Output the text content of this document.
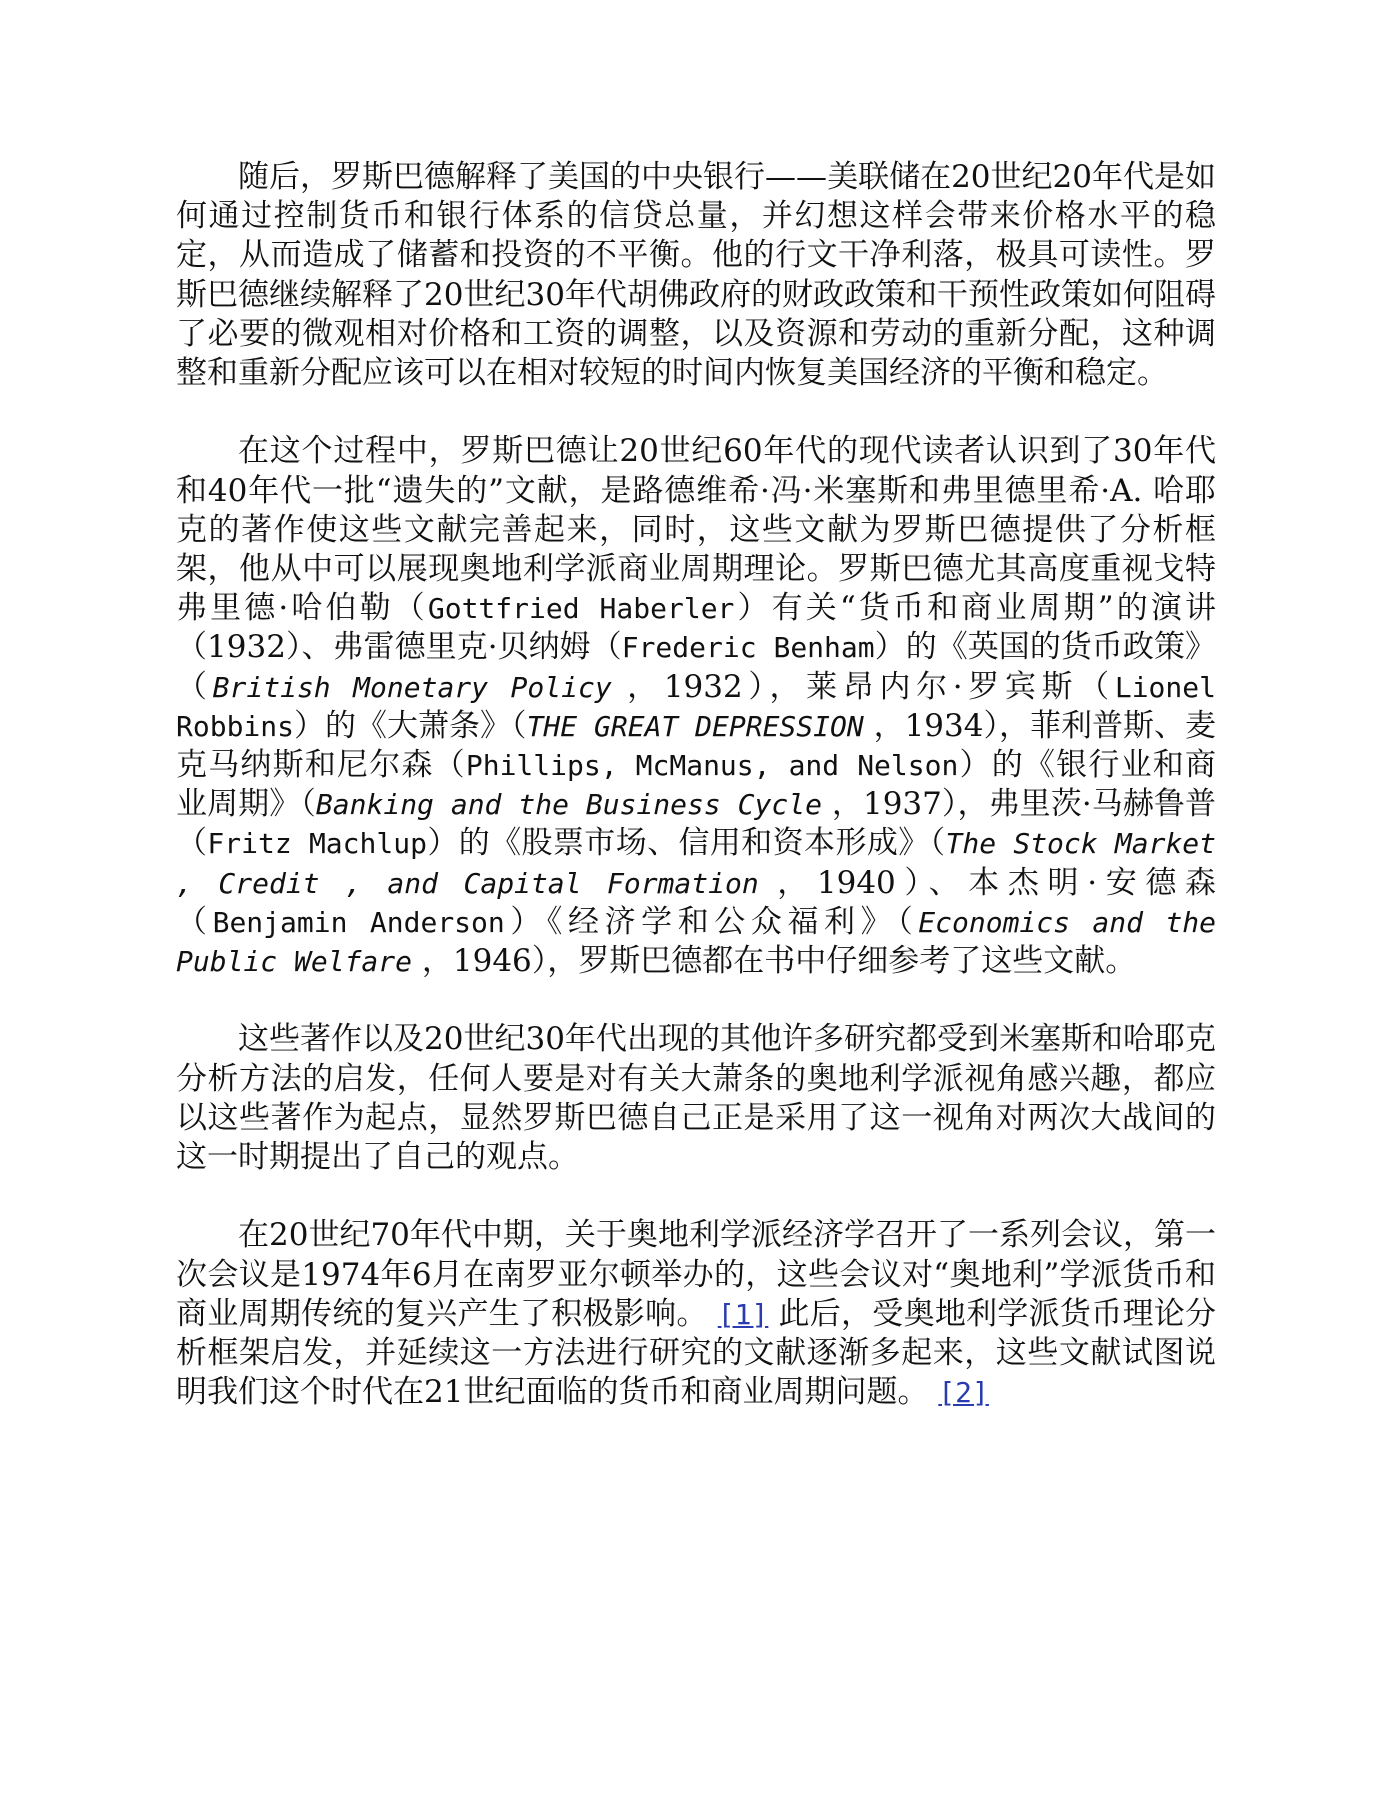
随后，罗斯巴德解释了美国的中央银行——美联储在20世纪20年代是如何通过控制货币和银行体系的信贷总量，并幻想这样会带来价格水平的稳定，从而造成了储蓄和投资的不平衡。他的行文干净利落，极具可读性。罗斯巴德继续解释了20世纪30年代胡佛政府的财政政策和干预性政策如何阻碍了必要的微观相对价格和工资的调整，以及资源和劳动的重新分配，这种调整和重新分配应该可以在相对较短的时间内恢复美国经济的平衡和稳定。

在这个过程中，罗斯巴德让20世纪60年代的现代读者认识到了30年代和40年代一批“遗失的”文献，是路德维希·冯·米塞斯和弗里德里希·A. 哈耶克的著作使这些文献完善起来，同时，这些文献为罗斯巴德提供了分析框架，他从中可以展现奥地利学派商业周期理论。罗斯巴德尤其高度重视戈特弗里德·哈伯勒（Gottfried Haberler）有关“货币和商业周期”的演讲（1932）、弗雷德里克·贝纳姆（Frederic Benham）的《英国的货币政策》（British Monetary Policy ，1932），莱昂内尔·罗宾斯（Lionel Robbins）的《大萧条》（THE GREAT DEPRESSION ，1934），菲利普斯、麦克马纳斯和尼尔森（Phillips, McManus, and Nelson）的《银行业和商业周期》（Banking and the Business Cycle ，1937），弗里茨·马赫鲁普（Fritz Machlup）的《股票市场、信用和资本形成》（The Stock Market , Credit , and Capital Formation ，1940）、本杰明·安德森（Benjamin Anderson）《经济学和公众福利》（Economics and the Public Welfare ，1946），罗斯巴德都在书中仔细参考了这些文献。

这些著作以及20世纪30年代出现的其他许多研究都受到米塞斯和哈耶克分析方法的启发，任何人要是对有关大萧条的奥地利学派视角感兴趣，都应以这些著作为起点，显然罗斯巴德自己正是采用了这一视角对两次大战间的这一时期提出了自己的观点。

在20世纪70年代中期，关于奥地利学派经济学召开了一系列会议，第一次会议是1974年6月在南罗亚尔顿举办的，这些会议对“奥地利”学派货币和商业周期传统的复兴产生了积极影响。 [1] 此后，受奥地利学派货币理论分析框架启发，并延续这一方法进行研究的文献逐渐多起来，这些文献试图说明我们这个时代在21世纪面临的货币和商业周期问题。 [2]
